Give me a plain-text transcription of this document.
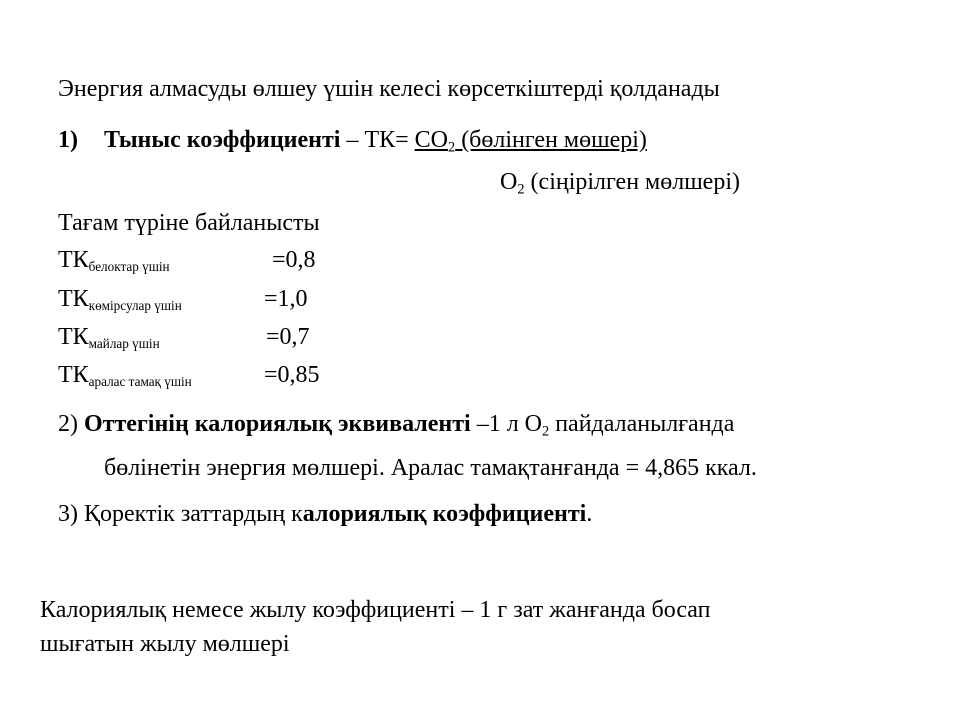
Энергия алмасуды өлшеу үшін келесі көрсеткіштерді қолданады
1) Тыныс коэффициенті – $ТК= СО_2$ (бөлінген мөшері)
$О_2$ (сіңірілген мөлшері)
Тағам түріне байланысты
$ТК_{белоктар үшін}$	=0,8
$ТК_{көмірсулар үшін}$	=1,0
$ТК_{майлар үшін}$	=0,7
$ТК_{аралас тамақ үшін}$	=0,85
2) Оттегінің калориялық эквиваленті –1 л $О_2$ пайдаланылғанда
бөлінетін энергия мөлшері. Аралас тамақтанғанда = 4,865 ккал.
3) Қоректік заттардың калориялық коэффициенті.
Калориялық немесе жылу коэффициенті – 1 г зат жанғанда босап
шығатын жылу мөлшері
